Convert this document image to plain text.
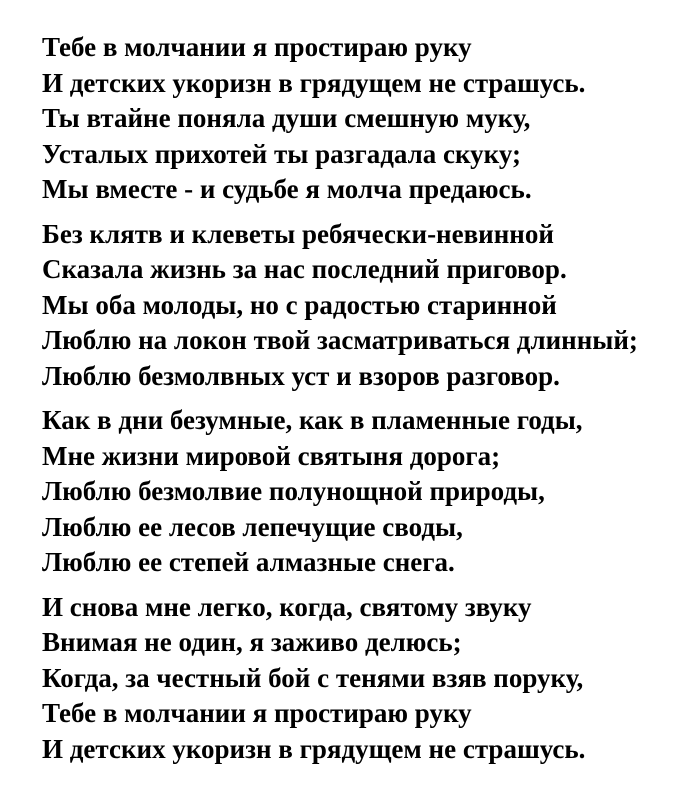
Тебе в молчании я простираю руку
И детских укоризн в грядущем не страшусь.
Ты втайне поняла души смешную муку,
Усталых прихотей ты разгадала скуку;
Мы вместе - и судьбе я молча предаюсь.
Без клятв и клеветы ребячески-невинной
Сказала жизнь за нас последний приговор.
Мы оба молоды, но с радостью старинной
Люблю на локон твой засматриваться длинный;
Люблю безмолвных уст и взоров разговор.
Как в дни безумные, как в пламенные годы,
Мне жизни мировой святыня дорога;
Люблю безмолвие полунощной природы,
Люблю ее лесов лепечущие своды,
Люблю ее степей алмазные снега.
И снова мне легко, когда, святому звуку
Внимая не один, я заживо делюсь;
Когда, за честный бой с тенями взяв поруку,
Тебе в молчании я простираю руку
И детских укоризн в грядущем не страшусь.
